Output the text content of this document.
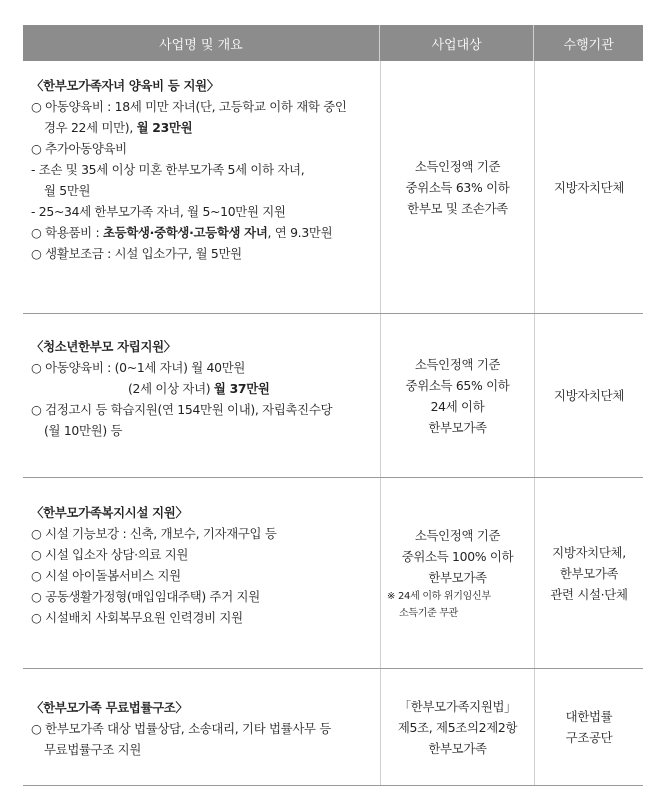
사업명 및 개요	사업대상	수행기관
〈한부모가족자녀 양육비 등 지원〉
○ 아동양육비 : 18세 미만 자녀(단, 고등학교 이하 재학 중인
경우 22세 미만), 월 23만원
○ 추가아동양육비
- 조손 및 35세 이상 미혼 한부모가족 5세 이하 자녀,
월 5만원
- 25~34세 한부모가족 자녀, 월 5~10만원 지원
○ 학용품비 : 초등학생·중학생·고등학생 자녀, 연 9.3만원
○ 생활보조금 : 시설 입소가구, 월 5만원
소득인정액 기준
중위소득 63% 이하
한부모 및 조손가족
지방자치단체
〈청소년한부모 자립지원〉
○ 아동양육비 : (0~1세 자녀) 월 40만원
(2세 이상 자녀) 월 37만원
○ 검정고시 등 학습지원(연 154만원 이내), 자립촉진수당
(월 10만원) 등
소득인정액 기준
중위소득 65% 이하
24세 이하
한부모가족
지방자치단체
〈한부모가족복지시설 지원〉
○ 시설 기능보강 : 신축, 개보수, 기자재구입 등
○ 시설 입소자 상담·의료 지원
○ 시설 아이돌봄서비스 지원
○ 공동생활가정형(매입임대주택) 주거 지원
○ 시설배치 사회복무요원 인력경비 지원
소득인정액 기준
중위소득 100% 이하
한부모가족
※ 24세 이하 위기임신부
소득기준 무관
지방자치단체,
한부모가족
관련 시설·단체
〈한부모가족 무료법률구조〉
○ 한부모가족 대상 법률상담, 소송대리, 기타 법률사무 등
무료법률구조 지원
「한부모가족지원법」
제5조, 제5조의2제2항
한부모가족
대한법률
구조공단
